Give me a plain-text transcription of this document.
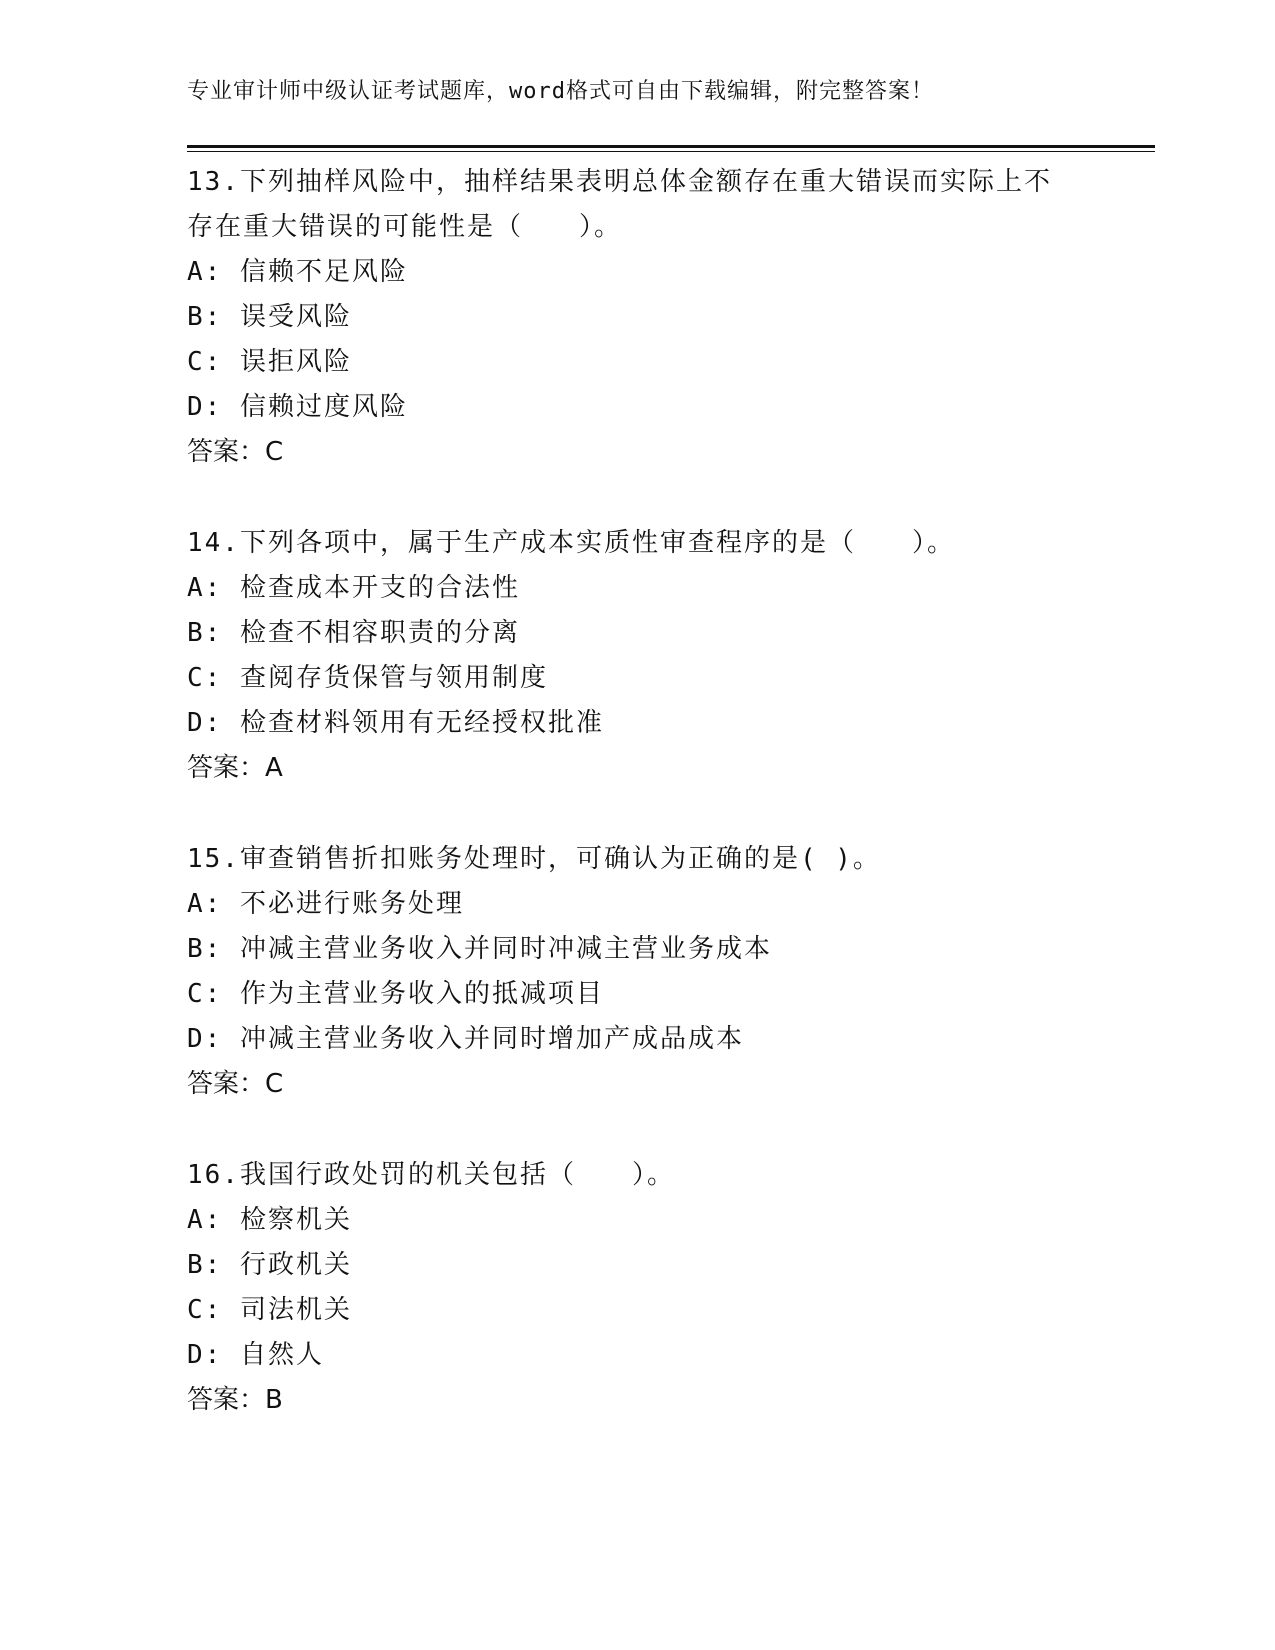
专业审计师中级认证考试题库，word格式可自由下载编辑，附完整答案！
13.下列抽样风险中，抽样结果表明总体金额存在重大错误而实际上不
存在重大错误的可能性是（　　）。
A: 信赖不足风险
B: 误受风险
C: 误拒风险
D: 信赖过度风险
答案：C
14.下列各项中，属于生产成本实质性审查程序的是（　　）。
A: 检查成本开支的合法性
B: 检查不相容职责的分离
C: 查阅存货保管与领用制度
D: 检查材料领用有无经授权批准
答案：A
15.审查销售折扣账务处理时，可确认为正确的是( )。
A: 不必进行账务处理
B: 冲减主营业务收入并同时冲减主营业务成本
C: 作为主营业务收入的抵减项目
D: 冲减主营业务收入并同时增加产成品成本
答案：C
16.我国行政处罚的机关包括（　　）。
A: 检察机关
B: 行政机关
C: 司法机关
D: 自然人
答案：B
